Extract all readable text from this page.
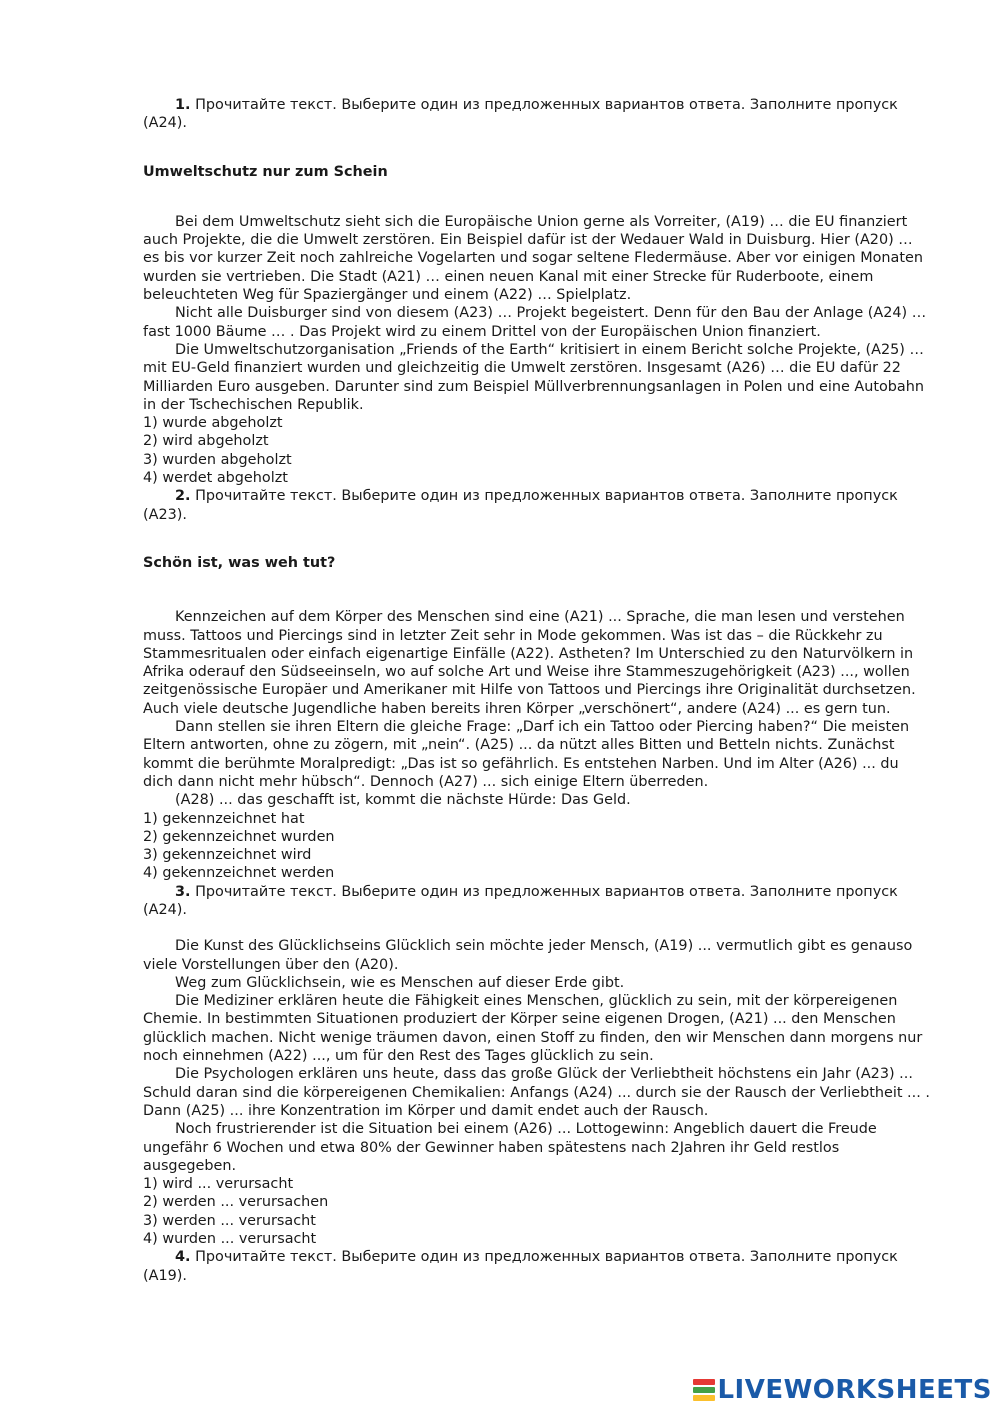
1. Прочитайте текст. Выберите один из предложенных вариантов ответа. Заполните пропуск (A24).

Umweltschutz nur zum Schein

Bei dem Umweltschutz sieht sich die Europäische Union gerne als Vorreiter, (A19) … die EU finanziert auch Projekte, die die Umwelt zerstören. Ein Beispiel dafür ist der Wedauer Wald in Duisburg. Hier (A20) … es bis vor kurzer Zeit noch zahlreiche Vogelarten und sogar seltene Fledermäuse. Aber vor einigen Monaten wurden sie vertrieben. Die Stadt (A21) … einen neuen Kanal mit einer Strecke für Ruderboote, einem beleuchteten Weg für Spaziergänger und einem (A22) … Spielplatz.

Nicht alle Duisburger sind von diesem (A23) … Projekt begeistert. Denn für den Bau der Anlage (A24) … fast 1000 Bäume … . Das Projekt wird zu einem Drittel von der Europäischen Union finanziert.

Die Umweltschutzorganisation „Friends of the Earth“ kritisiert in einem Bericht solche Projekte, (A25) … mit EU-Geld finanziert wurden und gleichzeitig die Umwelt zerstören. Insgesamt (A26) … die EU dafür 22 Milliarden Euro ausgeben. Darunter sind zum Beispiel Müllverbrennungsanlagen in Polen und eine Autobahn in der Tschechischen Republik.

1) wurde abgeholzt

2) wird abgeholzt

3) wurden abgeholzt

4) werdet abgeholzt

2. Прочитайте текст. Выберите один из предложенных вариантов ответа. Заполните пропуск (A23).

Schön ist, was weh tut?

Kennzeichen auf dem Körper des Menschen sind eine (A21) ... Sprache, die man lesen und verstehen muss. Tattoos und Piercings sind in letzter Zeit sehr in Mode gekommen. Was ist das – die Rückkehr zu Stammesritualen oder einfach eigenartige Einfälle (A22). Astheten? Im Unterschied zu den Naturvölkern in Afrika oderauf den Südseeinseln, wo auf solche Art und Weise ihre Stammeszugehörigkeit (A23) ..., wollen zeitgenössische Europäer und Amerikaner mit Hilfe von Tattoos und Piercings ihre Originalität durchsetzen. Auch viele deutsche Jugendliche haben bereits ihren Körper „verschönert“, andere (A24) ... es gern tun.

Dann stellen sie ihren Eltern die gleiche Frage: „Darf ich ein Tattoo oder Piercing haben?“ Die meisten Eltern antworten, ohne zu zögern, mit „nein“. (A25) ... da nützt alles Bitten und Betteln nichts. Zunächst kommt die berühmte Moralpredigt: „Das ist so gefährlich. Es entstehen Narben. Und im Alter (A26) ... du dich dann nicht mehr hübsch“. Dennoch (A27) ... sich einige Eltern überreden.

(A28) ... das geschafft ist, kommt die nächste Hürde: Das Geld.

1) gekennzeichnet hat

2) gekennzeichnet wurden

3) gekennzeichnet wird

4) gekennzeichnet werden

3. Прочитайте текст. Выберите один из предложенных вариантов ответа. Заполните пропуск (A24).

Die Kunst des Glücklichseins Glücklich sein möchte jeder Mensch, (A19) ... vermutlich gibt es genauso viele Vorstellungen über den (A20).

Weg zum Glücklichsein, wie es Menschen auf dieser Erde gibt.

Die Mediziner erklären heute die Fähigkeit eines Menschen, glücklich zu sein, mit der körpereigenen Chemie. In bestimmten Situationen produziert der Körper seine eigenen Drogen, (A21) ... den Menschen glücklich machen. Nicht wenige träumen davon, einen Stoff zu finden, den wir Menschen dann morgens nur noch einnehmen (A22) ..., um für den Rest des Tages glücklich zu sein.

Die Psychologen erklären uns heute, dass das große Glück der Verliebtheit höchstens ein Jahr (A23) ... Schuld daran sind die körpereigenen Chemikalien: Anfangs (A24) ... durch sie der Rausch der Verliebtheit ... . Dann (A25) ... ihre Konzentration im Körper und damit endet auch der Rausch.

Noch frustrierender ist die Situation bei einem (A26) ... Lottogewinn: Angeblich dauert die Freude ungefähr 6 Wochen und etwa 80% der Gewinner haben spätestens nach 2Jahren ihr Geld restlos ausgegeben.

1) wird ... verursacht

2) werden ... verursachen

3) werden ... verursacht

4) wurden ... verursacht

4. Прочитайте текст. Выберите один из предложенных вариантов ответа. Заполните пропуск (A19).

LIVEWORKSHEETS
